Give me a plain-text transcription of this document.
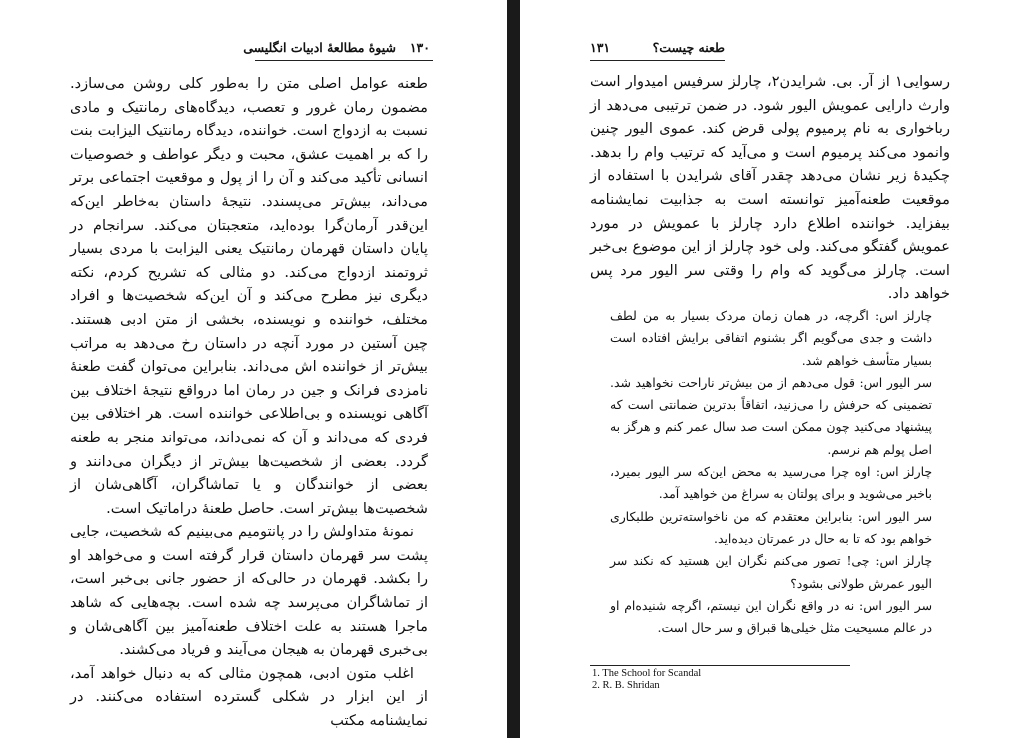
۱۳۰
شیوهٔ مطالعهٔ ادبیات انگلیسی

طعنه عوامل اصلی متن را به‌طور کلی روشن می‌سازد. مضمون رمان غرور و تعصب، دیدگاه‌های رمانتیک و مادی نسبت به ازدواج است. خواننده، دیدگاه رمانتیک الیزابت بنت را که بر اهمیت عشق، محبت و دیگر عواطف و خصوصیات انسانی تأکید می‌کند و آن را از پول و موقعیت اجتماعی برتر می‌داند، بیش‌تر می‌پسندد. نتیجهٔ داستان به‌خاطر این‌که این‌قدر آرمان‌گرا بوده‌اید، متعجبتان می‌کند. سرانجام در پایان داستان قهرمان رمانتیک یعنی الیزابت با مردی بسیار ثروتمند ازدواج می‌کند. دو مثالی که تشریح کردم، نکته دیگری نیز مطرح می‌کند و آن این‌که شخصیت‌ها و افراد مختلف، خواننده و نویسنده، بخشی از متن ادبی هستند. چین آستین در مورد آنچه در داستان رخ می‌دهد به مراتب بیش‌تر از خواننده اش می‌داند. بنابراین می‌توان گفت طعنهٔ نامزدی فرانک و جین در رمان اما درواقع نتیجهٔ اختلاف بین آگاهی نویسنده و بی‌اطلاعی خواننده است. هر اختلافی بین فردی که می‌داند و آن که نمی‌داند، می‌تواند منجر به طعنه گردد. بعضی از شخصیت‌ها بیش‌تر از دیگران می‌دانند و بعضی از خوانندگان و یا تماشاگران، آگاهی‌شان از شخصیت‌ها بیش‌تر است. حاصل طعنهٔ دراماتیک است.

نمونهٔ متداولش را در پانتومیم می‌بینیم که شخصیت، جایی پشت سر قهرمان داستان قرار گرفته است و می‌خواهد او را بکشد. قهرمان در حالی‌که از حضور جانی بی‌خبر است، از تماشاگران می‌پرسد چه شده است. بچه‌هایی که شاهد ماجرا هستند به علت اختلاف طعنه‌آمیز بین آگاهی‌شان و بی‌خبری قهرمان به هیجان می‌آیند و فریاد می‌کشند.

اغلب متون ادبی، همچون مثالی که به دنبال خواهد آمد، از این ابزار در شکلی گسترده استفاده می‌کنند. در نمایشنامه مکتب

۱۳۱	طعنه چیست؟

رسوایی۱ از آر. بی. شرایدن۲، چارلز سرفیس امیدوار است وارث دارایی عمویش الیور شود. در ضمن ترتیبی می‌دهد از رباخواری به نام پرمیوم پولی قرض کند. عموی الیور چنین وانمود می‌کند پرمیوم است و می‌آید که ترتیب وام را بدهد. چکیدهٔ زیر نشان می‌دهد چقدر آقای شرایدن با استفاده از موقعیت طعنه‌آمیز توانسته است به جذابیت نمایشنامه بیفزاید. خواننده اطلاع دارد چارلز با عمویش در مورد عمویش گفتگو می‌کند. ولی خود چارلز از این موضوع بی‌خبر است. چارلز می‌گوید که وام را وقتی سر الیور مرد پس خواهد داد.

چارلز اس: اگرچه، در همان زمان مردک بسیار به من لطف داشت و جدی می‌گویم اگر بشنوم اتفاقی برایش افتاده است بسیار متأسف خواهم شد.

سر الیور اس: قول می‌دهم از من بیش‌تر ناراحت نخواهید شد. تضمینی که حرفش را می‌زنید، اتفاقاً بدترین ضمانتی است که پیشنهاد می‌کنید چون ممکن است صد سال عمر کنم و هرگز به اصل پولم هم نرسم.

چارلز اس: اوه چرا می‌رسید به محض این‌که سر الیور بمیرد، باخبر می‌شوید و برای پولتان به سراغ من خواهید آمد.

سر الیور اس: بنابراین معتقدم که من ناخواسته‌ترین طلبکاری خواهم بود که تا به حال در عمرتان دیده‌اید.

چارلز اس: چی! تصور می‌کنم نگران این هستید که نکند سر الیور عمرش طولانی بشود؟

سر الیور اس: نه در واقع نگران این نیستم، اگرچه شنیده‌ام او در عالم مسیحیت مثل خیلی‌ها قبراق و سر حال است.

1. The School for Scandal
2. R. B. Shridan
